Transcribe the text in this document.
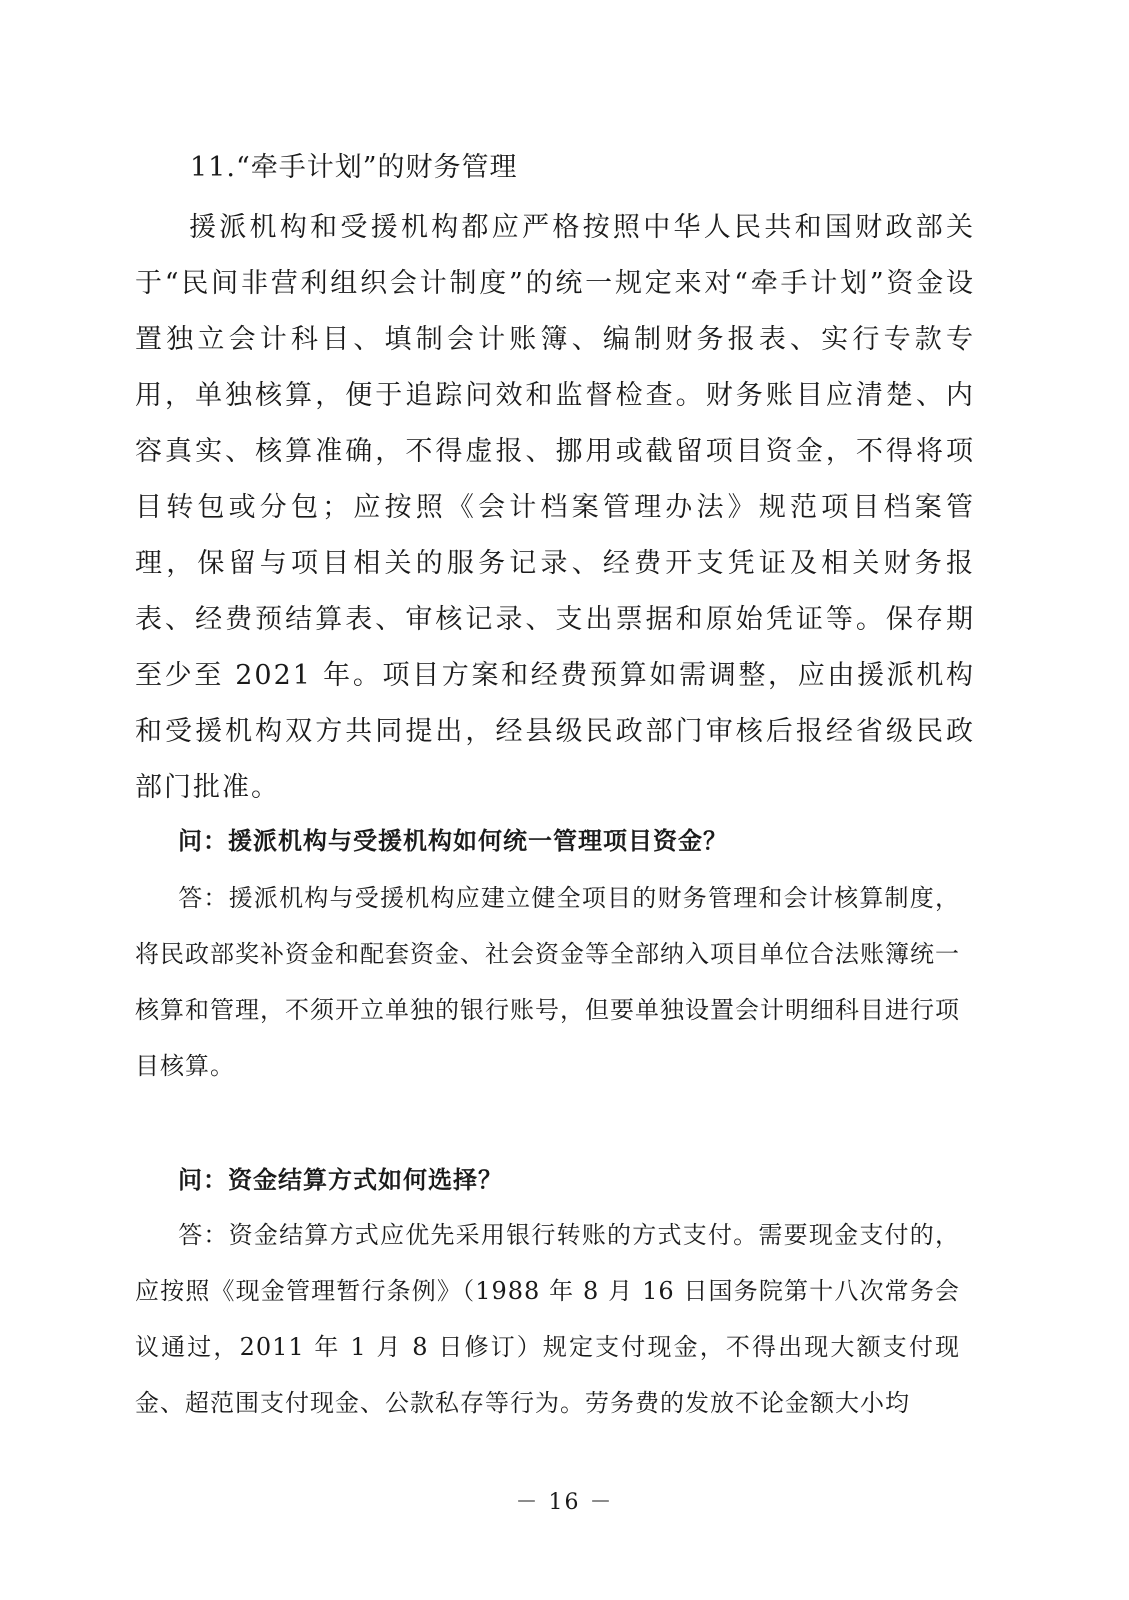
11.“牵手计划”的财务管理

援派机构和受援机构都应严格按照中华人民共和国财政部关于“民间非营利组织会计制度”的统一规定来对“牵手计划”资金设置独立会计科目、填制会计账簿、编制财务报表、实行专款专用，单独核算，便于追踪问效和监督检查。财务账目应清楚、内容真实、核算准确，不得虚报、挪用或截留项目资金，不得将项目转包或分包；应按照《会计档案管理办法》规范项目档案管理，保留与项目相关的服务记录、经费开支凭证及相关财务报表、经费预结算表、审核记录、支出票据和原始凭证等。保存期至少至 2021 年。项目方案和经费预算如需调整，应由援派机构和受援机构双方共同提出，经县级民政部门审核后报经省级民政部门批准。

问：援派机构与受援机构如何统一管理项目资金？

答：援派机构与受援机构应建立健全项目的财务管理和会计核算制度，将民政部奖补资金和配套资金、社会资金等全部纳入项目单位合法账簿统一核算和管理，不须开立单独的银行账号，但要单独设置会计明细科目进行项目核算。

问：资金结算方式如何选择？

答：资金结算方式应优先采用银行转账的方式支付。需要现金支付的，应按照《现金管理暂行条例》（1988 年 8 月 16 日国务院第十八次常务会议通过，2011 年 1 月 8 日修订）规定支付现金，不得出现大额支付现金、超范围支付现金、公款私存等行为。劳务费的发放不论金额大小均

－ 16 －
